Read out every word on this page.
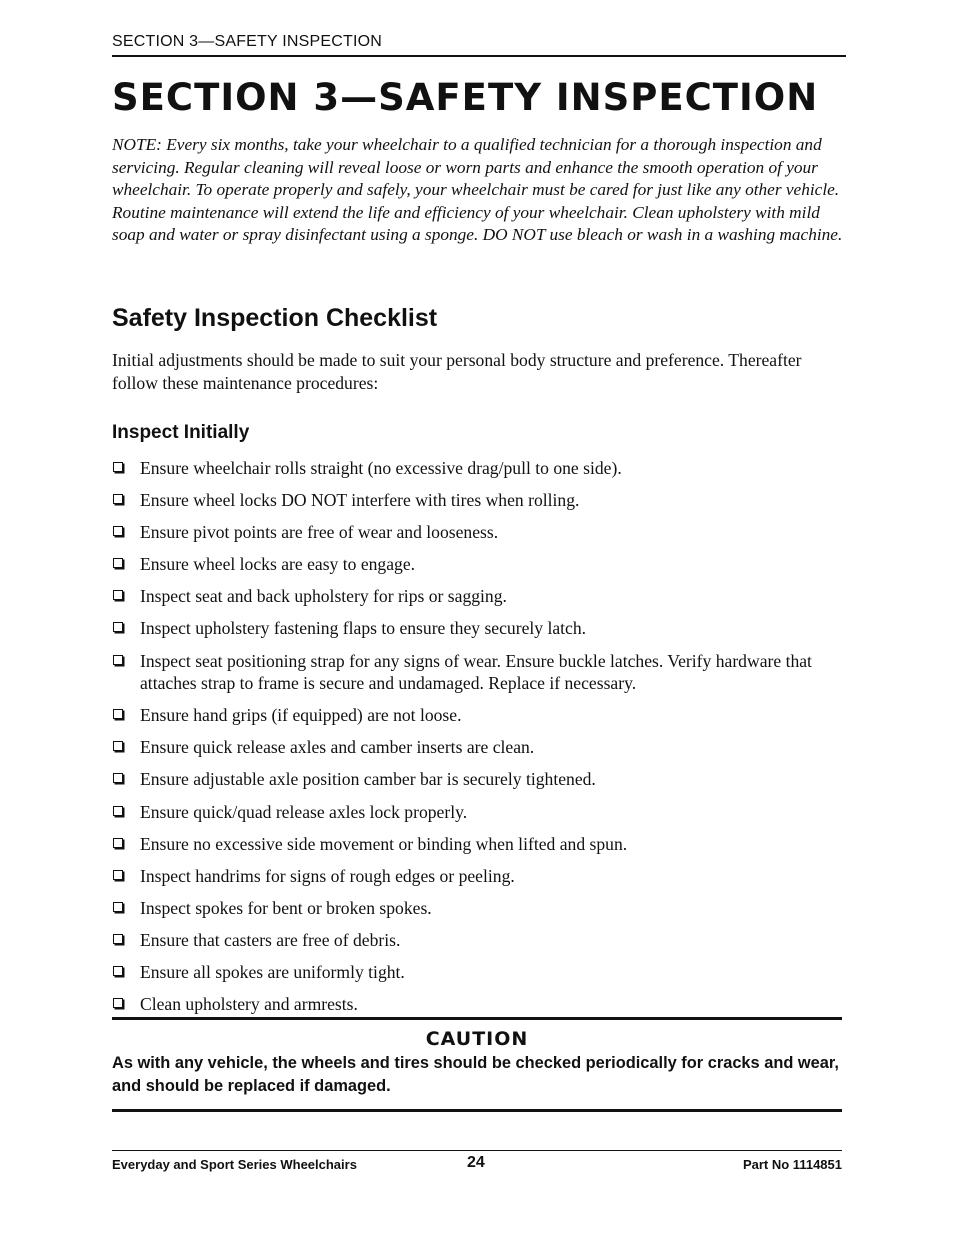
SECTION 3—SAFETY INSPECTION
SECTION 3—SAFETY INSPECTION

NOTE: Every six months, take your wheelchair to a qualified technician for a thorough inspection and servicing. Regular cleaning will reveal loose or worn parts and enhance the smooth operation of your wheelchair. To operate properly and safely, your wheelchair must be cared for just like any other vehicle. Routine maintenance will extend the life and efficiency of your wheelchair. Clean upholstery with mild soap and water or spray disinfectant using a sponge. DO NOT use bleach or wash in a washing machine.

Safety Inspection Checklist

Initial adjustments should be made to suit your personal body structure and preference. Thereafter follow these maintenance procedures:

Inspect Initially
Ensure wheelchair rolls straight (no excessive drag/pull to one side).
Ensure wheel locks DO NOT interfere with tires when rolling.
Ensure pivot points are free of wear and looseness.
Ensure wheel locks are easy to engage.
Inspect seat and back upholstery for rips or sagging.
Inspect upholstery fastening flaps to ensure they securely latch.
Inspect seat positioning strap for any signs of wear. Ensure buckle latches. Verify hardware that attaches strap to frame is secure and undamaged. Replace if necessary.
Ensure hand grips (if equipped) are not loose.
Ensure quick release axles and camber inserts are clean.
Ensure adjustable axle position camber bar is securely tightened.
Ensure quick/quad release axles lock properly.
Ensure no excessive side movement or binding when lifted and spun.
Inspect handrims for signs of rough edges or peeling.
Inspect spokes for bent or broken spokes.
Ensure that casters are free of debris.
Ensure all spokes are uniformly tight.
Clean upholstery and armrests.
CAUTION

As with any vehicle, the wheels and tires should be checked periodically for cracks and wear, and should be replaced if damaged.

Everyday and Sport Series Wheelchairs	24	Part No 1114851
